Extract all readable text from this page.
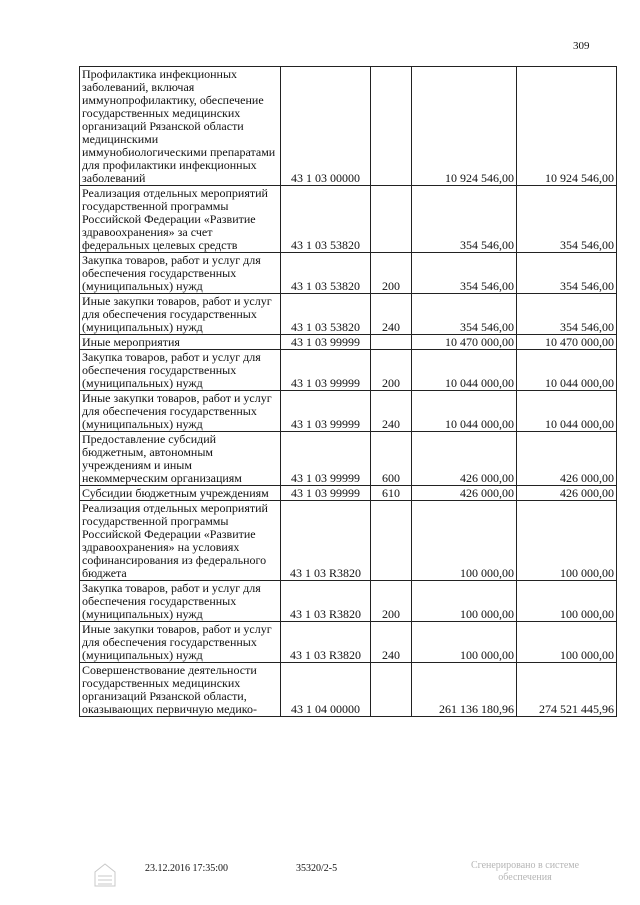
309
Профилактика инфекционных заболеваний, включая иммунопрофилактику, обеспечение государственных медицинских организаций Рязанской области медицинскими иммунобиологическими препаратами для профилактики инфекционных заболеваний	43 1 03 00000		10 924 546,00	10 924 546,00
Реализация отдельных мероприятий государственной программы Российской Федерации «Развитие здравоохранения» за счет федеральных целевых средств	43 1 03 53820		354 546,00	354 546,00
Закупка товаров, работ и услуг для обеспечения государственных (муниципальных) нужд	43 1 03 53820	200	354 546,00	354 546,00
Иные закупки товаров, работ и услуг для обеспечения государственных (муниципальных) нужд	43 1 03 53820	240	354 546,00	354 546,00
Иные мероприятия	43 1 03 99999		10 470 000,00	10 470 000,00
Закупка товаров, работ и услуг для обеспечения государственных (муниципальных) нужд	43 1 03 99999	200	10 044 000,00	10 044 000,00
Иные закупки товаров, работ и услуг для обеспечения государственных (муниципальных) нужд	43 1 03 99999	240	10 044 000,00	10 044 000,00
Предоставление субсидий бюджетным, автономным учреждениям и иным некоммерческим организациям	43 1 03 99999	600	426 000,00	426 000,00
Субсидии бюджетным учреждениям	43 1 03 99999	610	426 000,00	426 000,00
Реализация отдельных мероприятий государственной программы Российской Федерации «Развитие здравоохранения» на условиях софинансирования из федерального бюджета	43 1 03 R3820		100 000,00	100 000,00
Закупка товаров, работ и услуг для обеспечения государственных (муниципальных) нужд	43 1 03 R3820	200	100 000,00	100 000,00
Иные закупки товаров, работ и услуг для обеспечения государственных (муниципальных) нужд	43 1 03 R3820	240	100 000,00	100 000,00
Совершенствование деятельности государственных медицинских организаций Рязанской области, оказывающих первичную медико-	43 1 04 00000		261 136 180,96	274 521 445,96
23.12.2016 17:35:00	35320/2-5	Сгенерировано в системе обеспечения
